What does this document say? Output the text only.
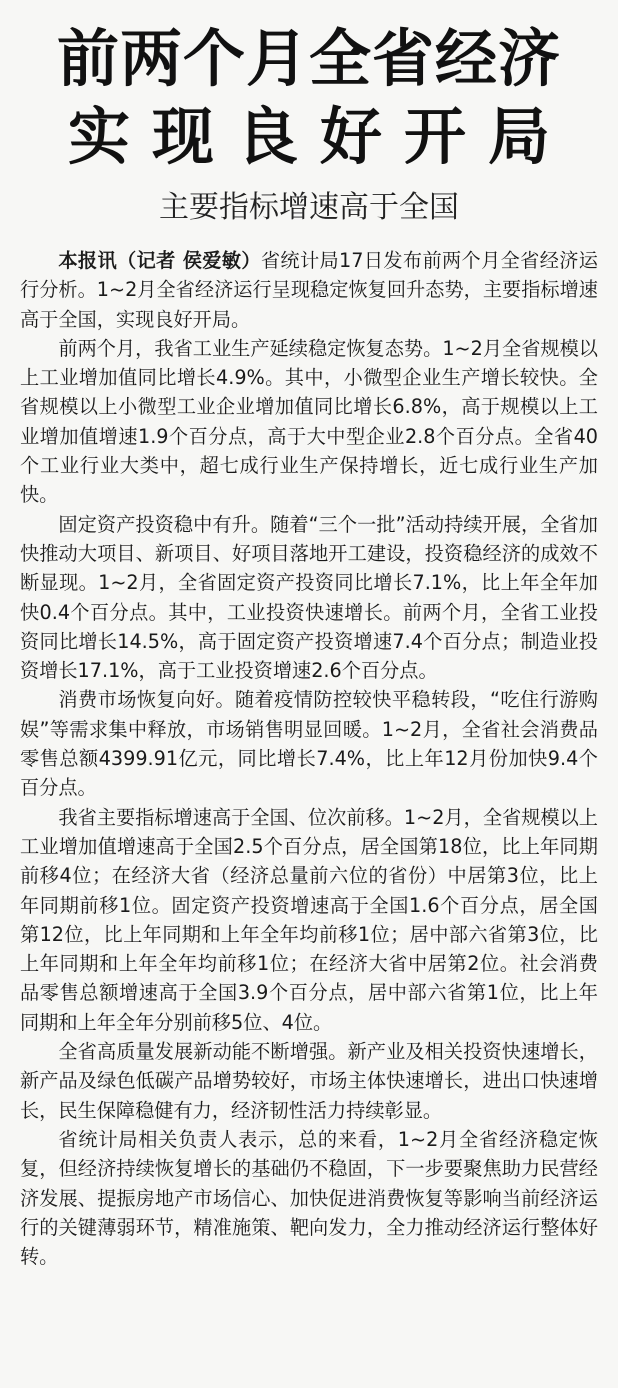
前两个月全省经济
实现良好开局
主要指标增速高于全国

本报讯（记者 侯爱敏）省统计局17日发布前两个月全省经济运行分析。1~2月全省经济运行呈现稳定恢复回升态势，主要指标增速高于全国，实现良好开局。

前两个月，我省工业生产延续稳定恢复态势。1~2月全省规模以上工业增加值同比增长4.9%。其中，小微型企业生产增长较快。全省规模以上小微型工业企业增加值同比增长6.8%，高于规模以上工业增加值增速1.9个百分点，高于大中型企业2.8个百分点。全省40个工业行业大类中，超七成行业生产保持增长，近七成行业生产加快。

固定资产投资稳中有升。随着“三个一批”活动持续开展，全省加快推动大项目、新项目、好项目落地开工建设，投资稳经济的成效不断显现。1~2月，全省固定资产投资同比增长7.1%，比上年全年加快0.4个百分点。其中，工业投资快速增长。前两个月，全省工业投资同比增长14.5%，高于固定资产投资增速7.4个百分点；制造业投资增长17.1%，高于工业投资增速2.6个百分点。

消费市场恢复向好。随着疫情防控较快平稳转段，“吃住行游购娱”等需求集中释放，市场销售明显回暖。1~2月，全省社会消费品零售总额4399.91亿元，同比增长7.4%，比上年12月份加快9.4个百分点。

我省主要指标增速高于全国、位次前移。1~2月，全省规模以上工业增加值增速高于全国2.5个百分点，居全国第18位，比上年同期前移4位；在经济大省（经济总量前六位的省份）中居第3位，比上年同期前移1位。固定资产投资增速高于全国1.6个百分点，居全国第12位，比上年同期和上年全年均前移1位；居中部六省第3位，比上年同期和上年全年均前移1位；在经济大省中居第2位。社会消费品零售总额增速高于全国3.9个百分点，居中部六省第1位，比上年同期和上年全年分别前移5位、4位。

全省高质量发展新动能不断增强。新产业及相关投资快速增长，新产品及绿色低碳产品增势较好，市场主体快速增长，进出口快速增长，民生保障稳健有力，经济韧性活力持续彰显。

省统计局相关负责人表示，总的来看，1~2月全省经济稳定恢复，但经济持续恢复增长的基础仍不稳固，下一步要聚焦助力民营经济发展、提振房地产市场信心、加快促进消费恢复等影响当前经济运行的关键薄弱环节，精准施策、靶向发力，全力推动经济运行整体好转。
